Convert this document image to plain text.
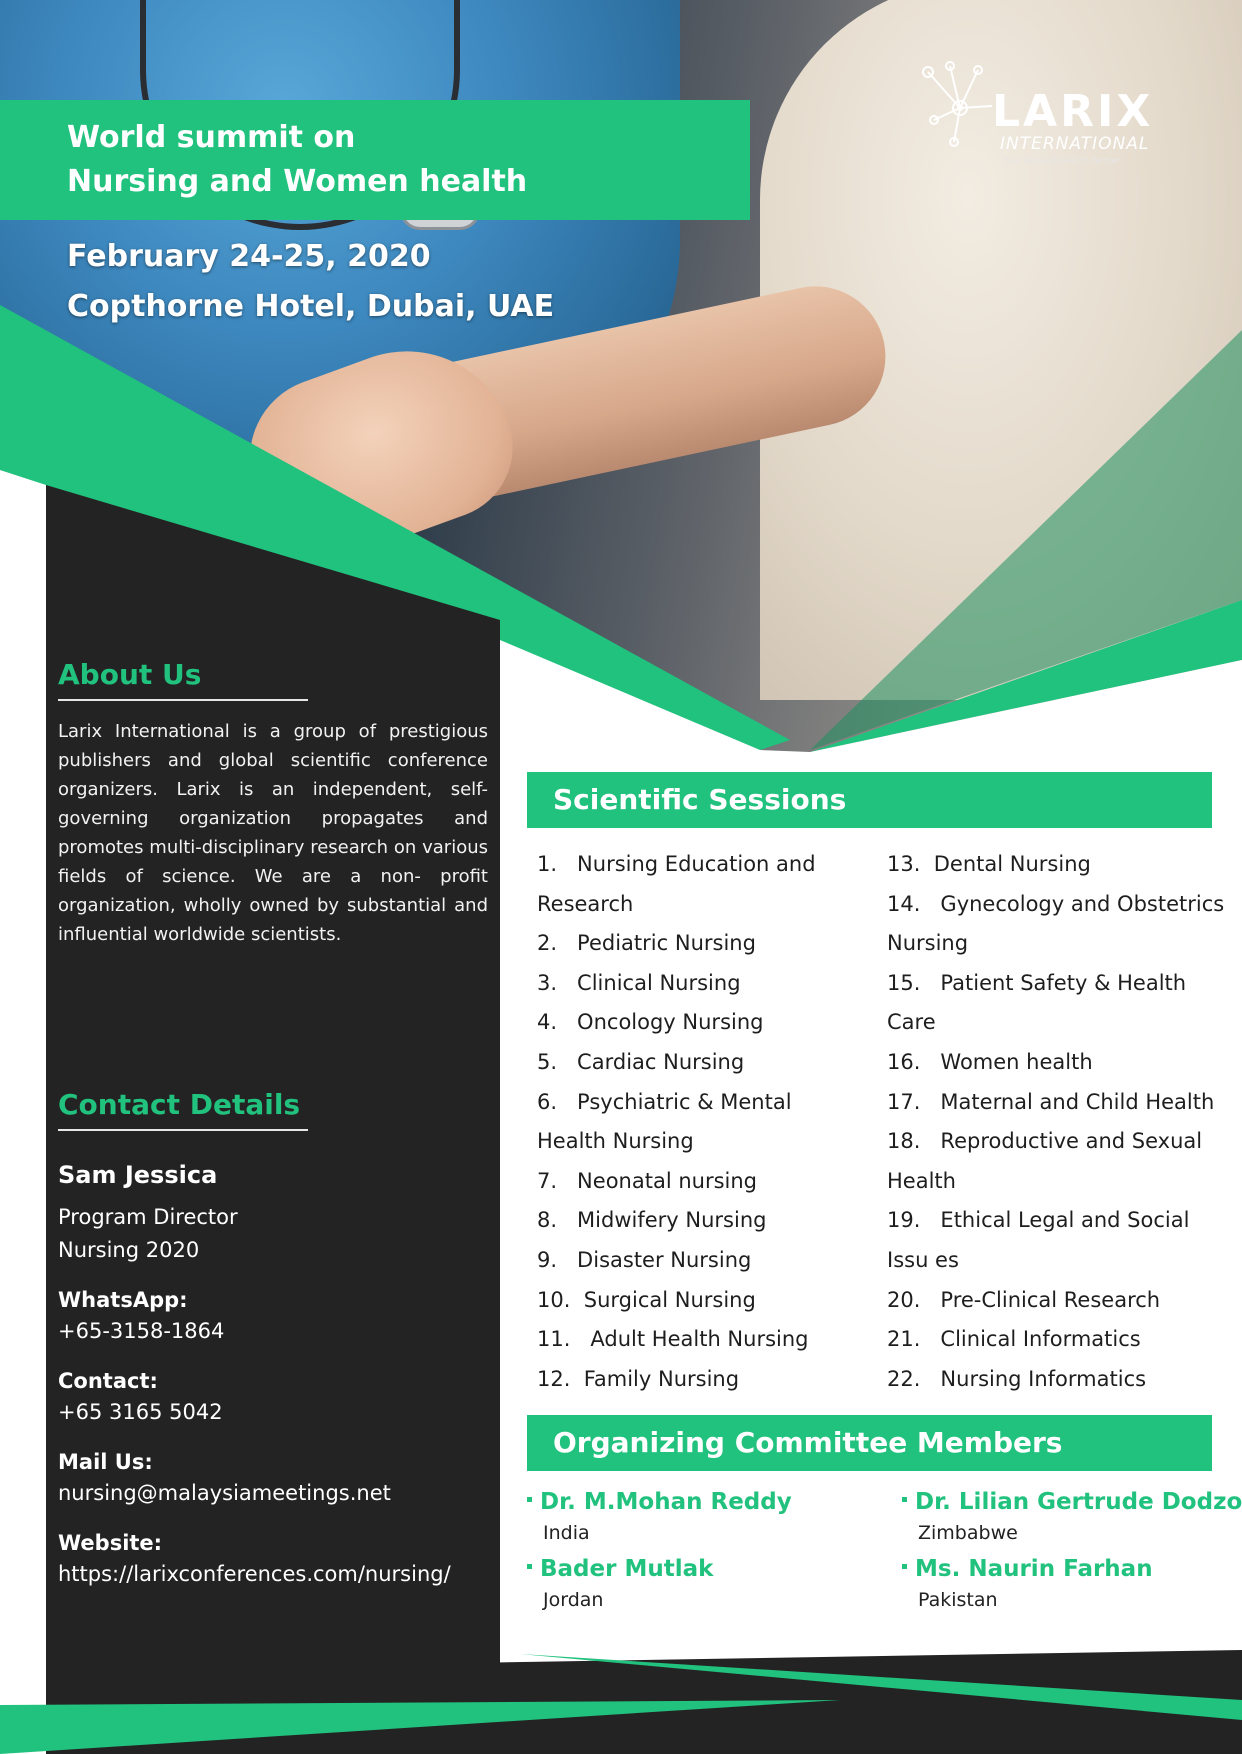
World summit on
Nursing and Women health
February 24-25, 2020
Copthorne Hotel, Dubai, UAE
LARIX
INTERNATIONAL
Your Global Research Partner
About Us
Larix International is a group of prestigious publishers and global scientific conference organizers. Larix is an independent, self-governing organization propagates and promotes multi-disciplinary research on various fields of science. We are a non- profit organization, wholly owned by substantial and influential worldwide scientists.
Contact Details
Sam Jessica
Program Director
Nursing 2020
WhatsApp:
+65-3158-1864
Contact:
+65 3165 5042
Mail Us:
nursing@malaysiameetings.net
Website:
https://larixconferences.com/nursing/
Scientific Sessions
1.   Nursing Education and
Research
2.   Pediatric Nursing
3.   Clinical Nursing
4.   Oncology Nursing
5.   Cardiac Nursing
6.   Psychiatric & Mental
Health Nursing
7.   Neonatal nursing
8.   Midwifery Nursing
9.   Disaster Nursing
10.  Surgical Nursing
11.   Adult Health Nursing
12.  Family Nursing
13.  Dental Nursing
14.   Gynecology and Obstetrics
Nursing
15.   Patient Safety & Health
Care
16.   Women health
17.   Maternal and Child Health
18.   Reproductive and Sexual
Health
19.   Ethical Legal and Social
Issu es
20.   Pre-Clinical Research
21.   Clinical Informatics
22.   Nursing Informatics
Organizing Committee Members
Dr. M.Mohan Reddy
India
Bader Mutlak
Jordan
Dr. Lilian Gertrude Dodzo
Zimbabwe
Ms. Naurin Farhan
Pakistan
